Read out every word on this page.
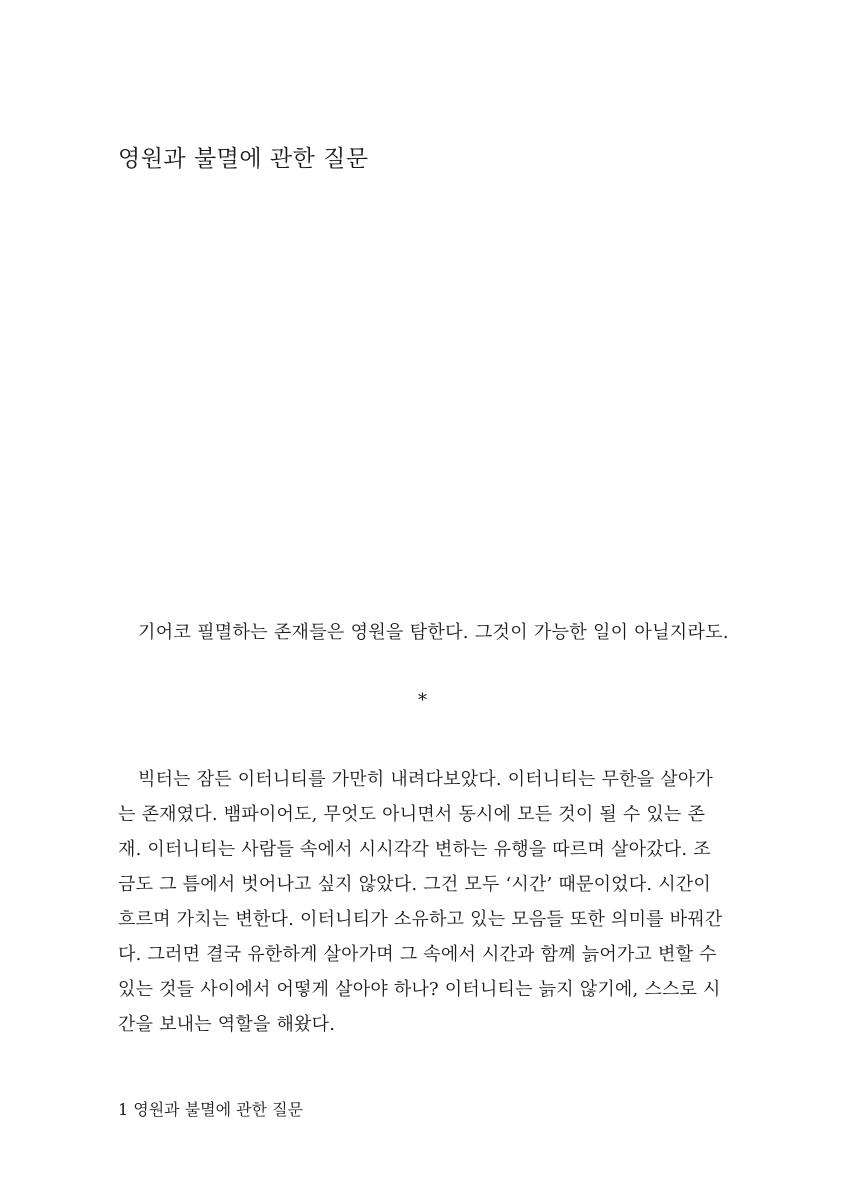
영원과 불멸에 관한 질문

기어코 필멸하는 존재들은 영원을 탐한다. 그것이 가능한 일이 아닐지라도.

*

빅터는 잠든 이터니티를 가만히 내려다보았다. 이터니티는 무한을 살아가
는 존재였다. 뱀파이어도, 무엇도 아니면서 동시에 모든 것이 될 수 있는 존
재. 이터니티는 사람들 속에서 시시각각 변하는 유행을 따르며 살아갔다. 조
금도 그 틈에서 벗어나고 싶지 않았다. 그건 모두 ‘시간’ 때문이었다. 시간이
흐르며 가치는 변한다. 이터니티가 소유하고 있는 모음들 또한 의미를 바꿔간
다. 그러면 결국 유한하게 살아가며 그 속에서 시간과 함께 늙어가고 변할 수
있는 것들 사이에서 어떻게 살아야 하나? 이터니티는 늙지 않기에, 스스로 시
간을 보내는 역할을 해왔다.

1 영원과 불멸에 관한 질문
